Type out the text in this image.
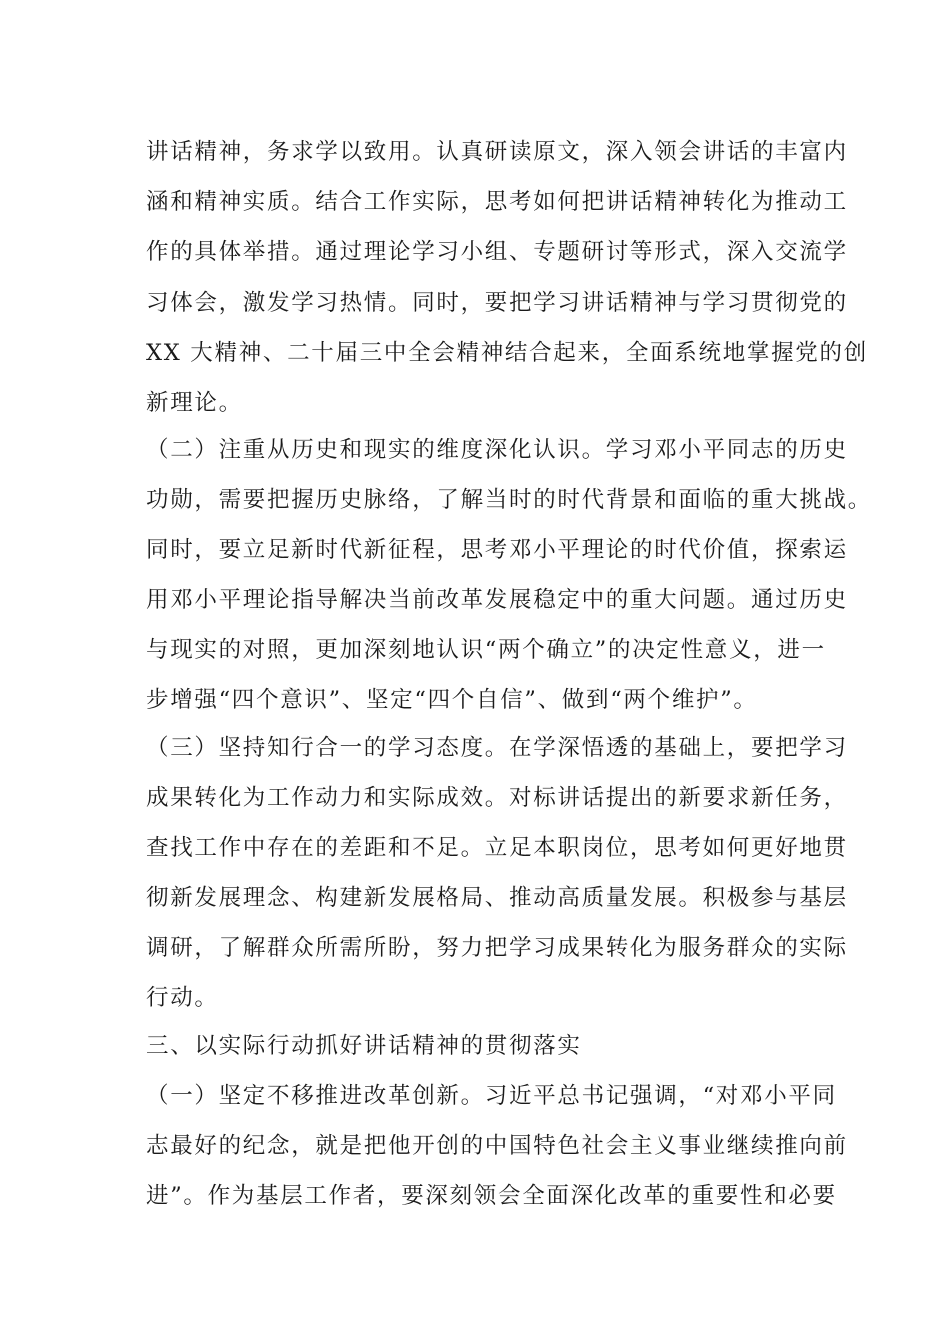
讲话精神，务求学以致用。认真研读原文，深入领会讲话的丰富内
涵和精神实质。结合工作实际，思考如何把讲话精神转化为推动工
作的具体举措。通过理论学习小组、专题研讨等形式，深入交流学
习体会，激发学习热情。同时，要把学习讲话精神与学习贯彻党的
XX 大精神、二十届三中全会精神结合起来，全面系统地掌握党的创
新理论。
（二）注重从历史和现实的维度深化认识。学习邓小平同志的历史
功勋，需要把握历史脉络，了解当时的时代背景和面临的重大挑战。
同时，要立足新时代新征程，思考邓小平理论的时代价值，探索运
用邓小平理论指导解决当前改革发展稳定中的重大问题。通过历史
与现实的对照，更加深刻地认识“两个确立”的决定性意义，进一
步增强“四个意识”、坚定“四个自信”、做到“两个维护”。
（三）坚持知行合一的学习态度。在学深悟透的基础上，要把学习
成果转化为工作动力和实际成效。对标讲话提出的新要求新任务，
查找工作中存在的差距和不足。立足本职岗位，思考如何更好地贯
彻新发展理念、构建新发展格局、推动高质量发展。积极参与基层
调研，了解群众所需所盼，努力把学习成果转化为服务群众的实际
行动。
三、以实际行动抓好讲话精神的贯彻落实
（一）坚定不移推进改革创新。习近平总书记强调，“对邓小平同
志最好的纪念，就是把他开创的中国特色社会主义事业继续推向前
进”。作为基层工作者，要深刻领会全面深化改革的重要性和必要
